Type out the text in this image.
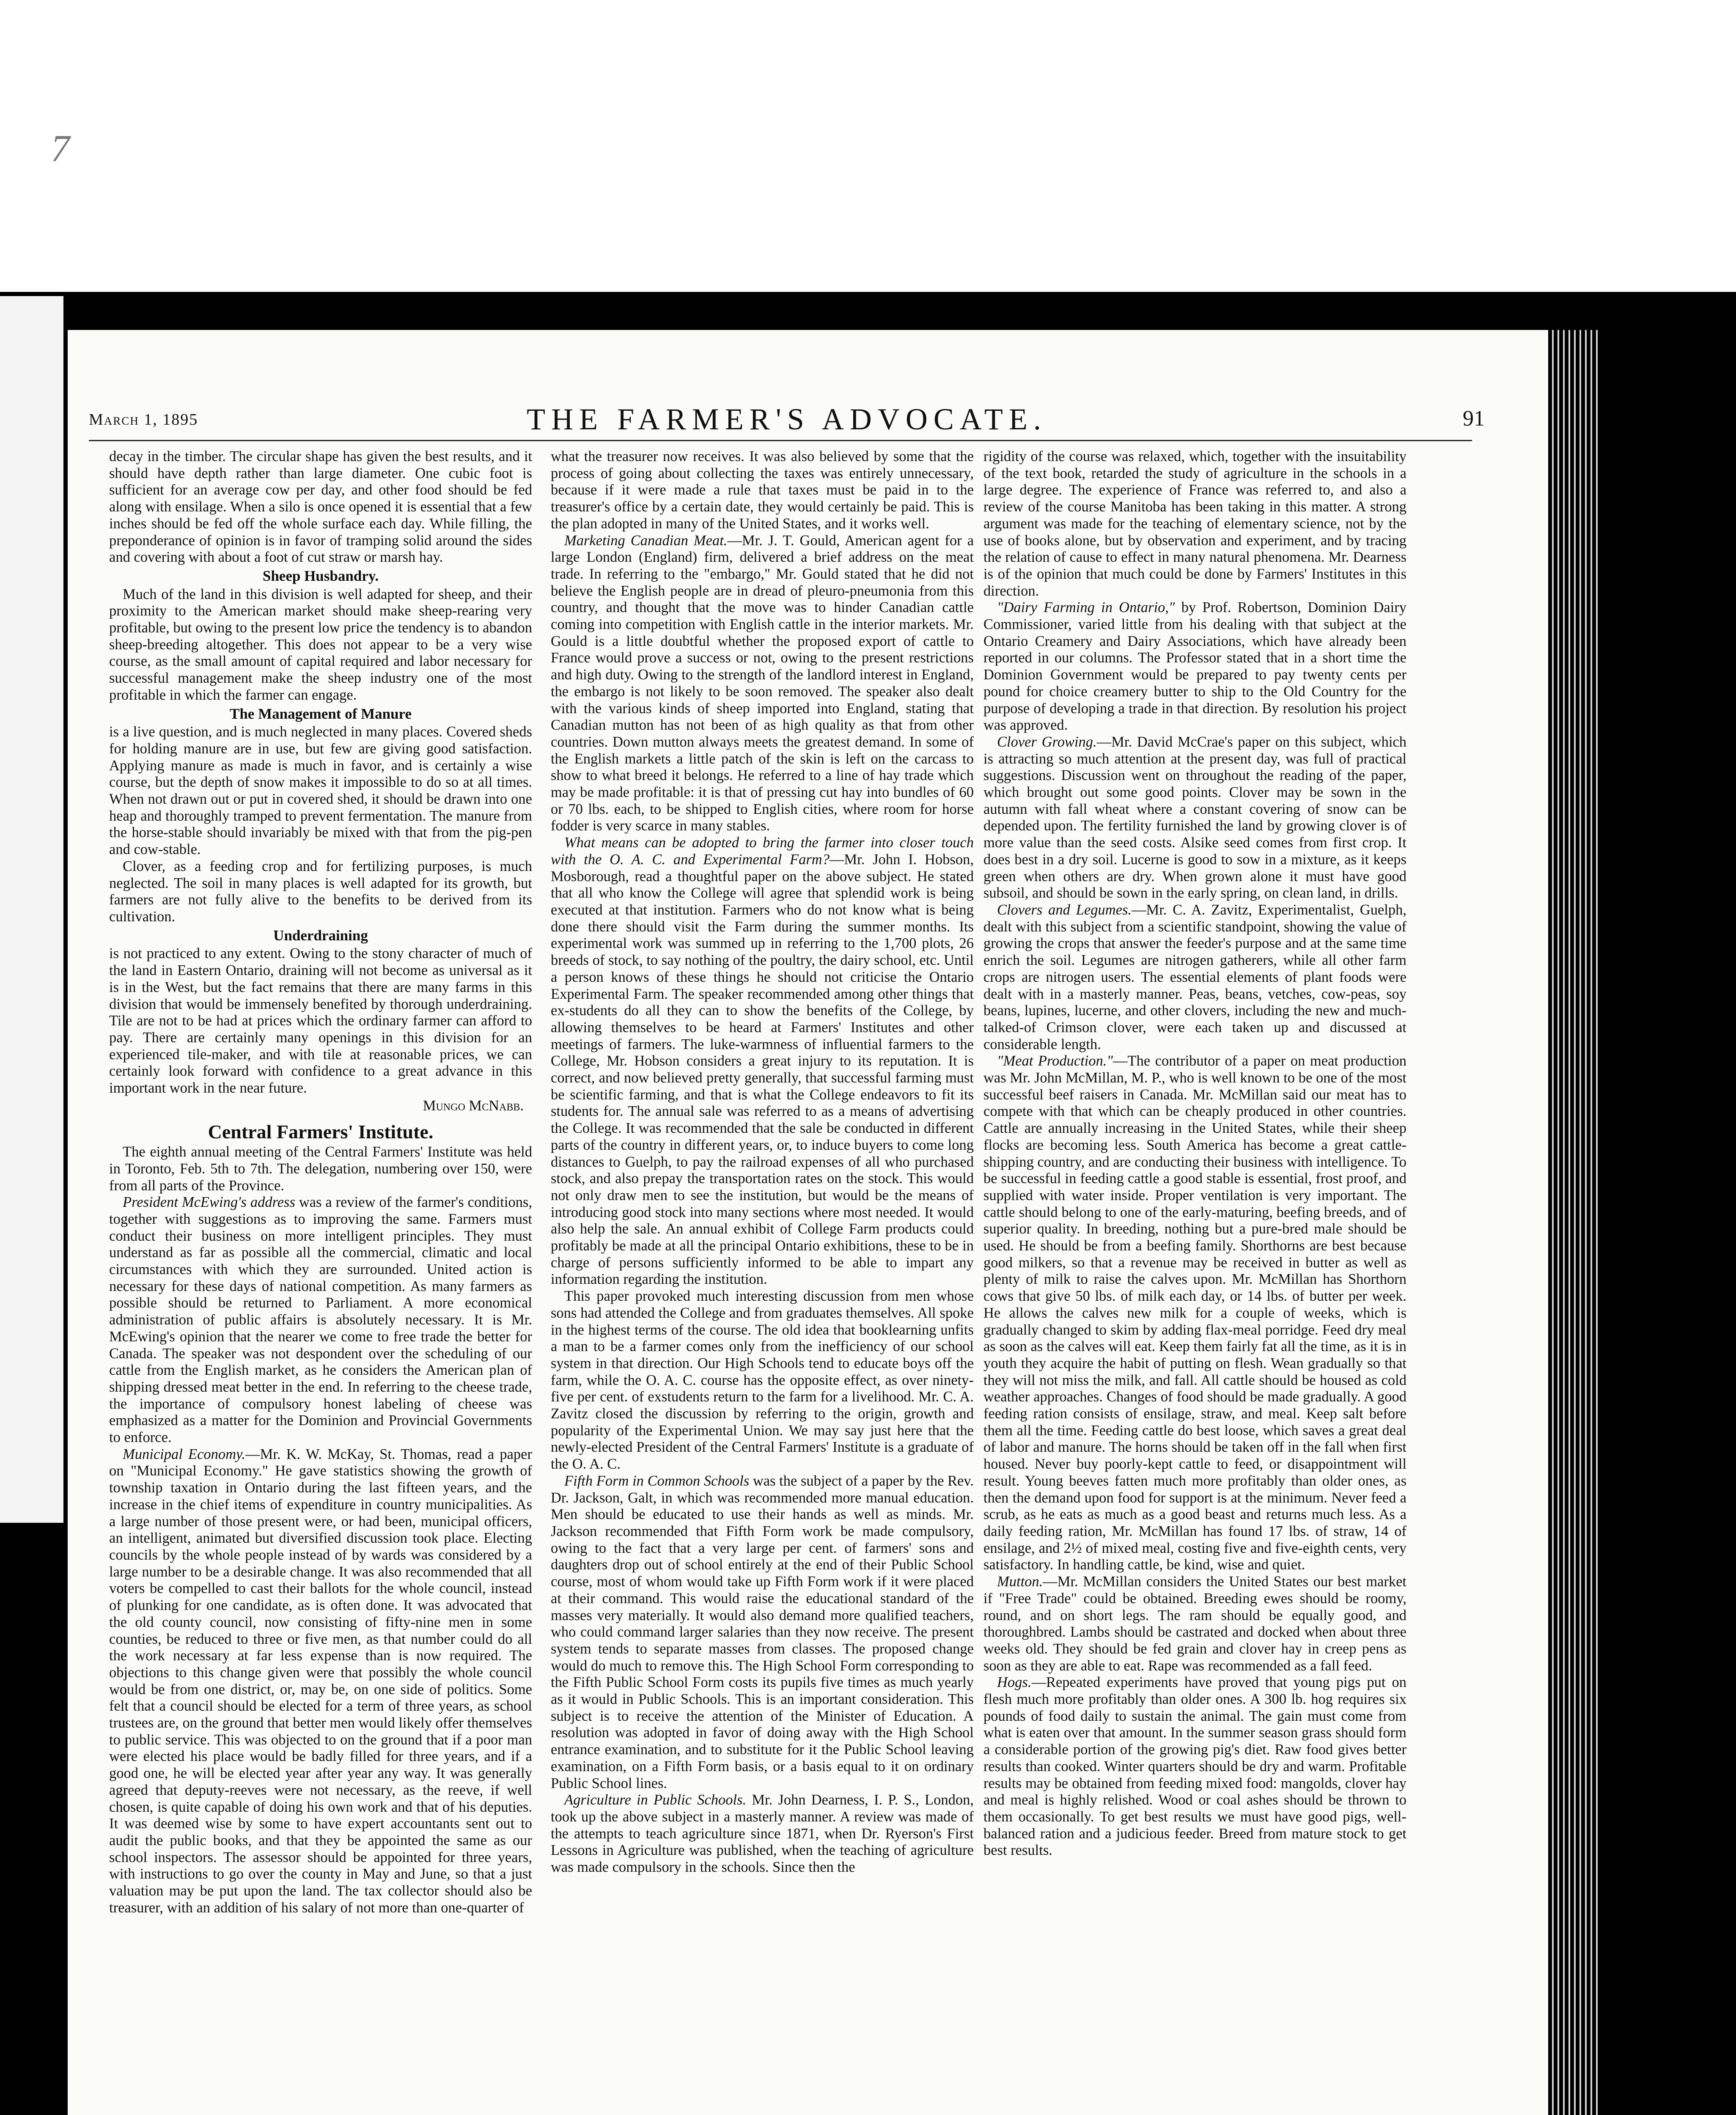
7
March 1, 1895	THE FARMER'S ADVOCATE.	91

decay in the timber. The circular shape has given the best results, and it should have depth rather than large diameter. One cubic foot is sufficient for an average cow per day, and other food should be fed along with ensilage. When a silo is once opened it is essential that a few inches should be fed off the whole surface each day. While filling, the preponderance of opinion is in favor of tramping solid around the sides and covering with about a foot of cut straw or marsh hay.

Sheep Husbandry.

Much of the land in this division is well adapted for sheep, and their proximity to the American market should make sheep-rearing very profitable, but owing to the present low price the tendency is to abandon sheep-breeding altogether. This does not appear to be a very wise course, as the small amount of capital required and labor necessary for successful management make the sheep industry one of the most profitable in which the farmer can engage.

The Management of Manure

is a live question, and is much neglected in many places. Covered sheds for holding manure are in use, but few are giving good satisfaction. Applying manure as made is much in favor, and is certainly a wise course, but the depth of snow makes it impossible to do so at all times. When not drawn out or put in covered shed, it should be drawn into one heap and thoroughly tramped to prevent fermentation. The manure from the horse-stable should invariably be mixed with that from the pig-pen and cow-stable.

Clover, as a feeding crop and for fertilizing purposes, is much neglected. The soil in many places is well adapted for its growth, but farmers are not fully alive to the benefits to be derived from its cultivation.

Underdraining

is not practiced to any extent. Owing to the stony character of much of the land in Eastern Ontario, draining will not become as universal as it is in the West, but the fact remains that there are many farms in this division that would be immensely benefited by thorough underdraining. Tile are not to be had at prices which the ordinary farmer can afford to pay. There are certainly many openings in this division for an experienced tile-maker, and with tile at reasonable prices, we can certainly look forward with confidence to a great advance in this important work in the near future.

Mungo McNabb.
Central Farmers' Institute.

The eighth annual meeting of the Central Farmers' Institute was held in Toronto, Feb. 5th to 7th. The delegation, numbering over 150, were from all parts of the Province.

President McEwing's address was a review of the farmer's conditions, together with suggestions as to improving the same. Farmers must conduct their business on more intelligent principles. They must understand as far as possible all the commercial, climatic and local circumstances with which they are surrounded. United action is necessary for these days of national competition. As many farmers as possible should be returned to Parliament. A more economical administration of public affairs is absolutely necessary. It is Mr. McEwing's opinion that the nearer we come to free trade the better for Canada. The speaker was not despondent over the scheduling of our cattle from the English market, as he considers the American plan of shipping dressed meat better in the end. In referring to the cheese trade, the importance of compulsory honest labeling of cheese was emphasized as a matter for the Dominion and Provincial Governments to enforce.

Municipal Economy.—Mr. K. W. McKay, St. Thomas, read a paper on "Municipal Economy." He gave statistics showing the growth of township taxation in Ontario during the last fifteen years, and the increase in the chief items of expenditure in country municipalities. As a large number of those present were, or had been, municipal officers, an intelligent, animated but diversified discussion took place. Electing councils by the whole people instead of by wards was considered by a large number to be a desirable change. It was also recommended that all voters be compelled to cast their ballots for the whole council, instead of plunking for one candidate, as is often done. It was advocated that the old county council, now consisting of fifty-nine men in some counties, be reduced to three or five men, as that number could do all the work necessary at far less expense than is now required. The objections to this change given were that possibly the whole council would be from one district, or, may be, on one side of politics. Some felt that a council should be elected for a term of three years, as school trustees are, on the ground that better men would likely offer themselves to public service. This was objected to on the ground that if a poor man were elected his place would be badly filled for three years, and if a good one, he will be elected year after year any way. It was generally agreed that deputy-reeves were not necessary, as the reeve, if well chosen, is quite capable of doing his own work and that of his deputies. It was deemed wise by some to have expert accountants sent out to audit the public books, and that they be appointed the same as our school inspectors. The assessor should be appointed for three years, with instructions to go over the county in May and June, so that a just valuation may be put upon the land. The tax collector should also be treasurer, with an addition of his salary of not more than one-quarter of

what the treasurer now receives. It was also believed by some that the process of going about collecting the taxes was entirely unnecessary, because if it were made a rule that taxes must be paid in to the treasurer's office by a certain date, they would certainly be paid. This is the plan adopted in many of the United States, and it works well.

Marketing Canadian Meat.—Mr. J. T. Gould, American agent for a large London (England) firm, delivered a brief address on the meat trade. In referring to the "embargo," Mr. Gould stated that he did not believe the English people are in dread of pleuro-pneumonia from this country, and thought that the move was to hinder Canadian cattle coming into competition with English cattle in the interior markets. Mr. Gould is a little doubtful whether the proposed export of cattle to France would prove a success or not, owing to the present restrictions and high duty. Owing to the strength of the landlord interest in England, the embargo is not likely to be soon removed. The speaker also dealt with the various kinds of sheep imported into England, stating that Canadian mutton has not been of as high quality as that from other countries. Down mutton always meets the greatest demand. In some of the English markets a little patch of the skin is left on the carcass to show to what breed it belongs. He referred to a line of hay trade which may be made profitable: it is that of pressing cut hay into bundles of 60 or 70 lbs. each, to be shipped to English cities, where room for horse fodder is very scarce in many stables.

What means can be adopted to bring the farmer into closer touch with the O. A. C. and Experimental Farm?—Mr. John I. Hobson, Mosborough, read a thoughtful paper on the above subject. He stated that all who know the College will agree that splendid work is being executed at that institution. Farmers who do not know what is being done there should visit the Farm during the summer months. Its experimental work was summed up in referring to the 1,700 plots, 26 breeds of stock, to say nothing of the poultry, the dairy school, etc. Until a person knows of these things he should not criticise the Ontario Experimental Farm. The speaker recommended among other things that ex-students do all they can to show the benefits of the College, by allowing themselves to be heard at Farmers' Institutes and other meetings of farmers. The luke-warmness of influential farmers to the College, Mr. Hobson considers a great injury to its reputation. It is correct, and now believed pretty generally, that successful farming must be scientific farming, and that is what the College endeavors to fit its students for. The annual sale was referred to as a means of advertising the College. It was recommended that the sale be conducted in different parts of the country in different years, or, to induce buyers to come long distances to Guelph, to pay the railroad expenses of all who purchased stock, and also prepay the transportation rates on the stock. This would not only draw men to see the institution, but would be the means of introducing good stock into many sections where most needed. It would also help the sale. An annual exhibit of College Farm products could profitably be made at all the principal Ontario exhibitions, these to be in charge of persons sufficiently informed to be able to impart any information regarding the institution.

This paper provoked much interesting discussion from men whose sons had attended the College and from graduates themselves. All spoke in the highest terms of the course. The old idea that booklearning unfits a man to be a farmer comes only from the inefficiency of our school system in that direction. Our High Schools tend to educate boys off the farm, while the O. A. C. course has the opposite effect, as over ninety-five per cent. of exstudents return to the farm for a livelihood. Mr. C. A. Zavitz closed the discussion by referring to the origin, growth and popularity of the Experimental Union. We may say just here that the newly-elected President of the Central Farmers' Institute is a graduate of the O. A. C.

Fifth Form in Common Schools was the subject of a paper by the Rev. Dr. Jackson, Galt, in which was recommended more manual education. Men should be educated to use their hands as well as minds. Mr. Jackson recommended that Fifth Form work be made compulsory, owing to the fact that a very large per cent. of farmers' sons and daughters drop out of school entirely at the end of their Public School course, most of whom would take up Fifth Form work if it were placed at their command. This would raise the educational standard of the masses very materially. It would also demand more qualified teachers, who could command larger salaries than they now receive. The present system tends to separate masses from classes. The proposed change would do much to remove this. The High School Form corresponding to the Fifth Public School Form costs its pupils five times as much yearly as it would in Public Schools. This is an important consideration. This subject is to receive the attention of the Minister of Education. A resolution was adopted in favor of doing away with the High School entrance examination, and to substitute for it the Public School leaving examination, on a Fifth Form basis, or a basis equal to it on ordinary Public School lines.

Agriculture in Public Schools. Mr. John Dearness, I. P. S., London, took up the above subject in a masterly manner. A review was made of the attempts to teach agriculture since 1871, when Dr. Ryerson's First Lessons in Agriculture was published, when the teaching of agriculture was made compulsory in the schools. Since then the

rigidity of the course was relaxed, which, together with the insuitability of the text book, retarded the study of agriculture in the schools in a large degree. The experience of France was referred to, and also a review of the course Manitoba has been taking in this matter. A strong argument was made for the teaching of elementary science, not by the use of books alone, but by observation and experiment, and by tracing the relation of cause to effect in many natural phenomena. Mr. Dearness is of the opinion that much could be done by Farmers' Institutes in this direction.

"Dairy Farming in Ontario," by Prof. Robertson, Dominion Dairy Commissioner, varied little from his dealing with that subject at the Ontario Creamery and Dairy Associations, which have already been reported in our columns. The Professor stated that in a short time the Dominion Government would be prepared to pay twenty cents per pound for choice creamery butter to ship to the Old Country for the purpose of developing a trade in that direction. By resolution his project was approved.

Clover Growing.—Mr. David McCrae's paper on this subject, which is attracting so much attention at the present day, was full of practical suggestions. Discussion went on throughout the reading of the paper, which brought out some good points. Clover may be sown in the autumn with fall wheat where a constant covering of snow can be depended upon. The fertility furnished the land by growing clover is of more value than the seed costs. Alsike seed comes from first crop. It does best in a dry soil. Lucerne is good to sow in a mixture, as it keeps green when others are dry. When grown alone it must have good subsoil, and should be sown in the early spring, on clean land, in drills.

Clovers and Legumes.—Mr. C. A. Zavitz, Experimentalist, Guelph, dealt with this subject from a scientific standpoint, showing the value of growing the crops that answer the feeder's purpose and at the same time enrich the soil. Legumes are nitrogen gatherers, while all other farm crops are nitrogen users. The essential elements of plant foods were dealt with in a masterly manner. Peas, beans, vetches, cow-peas, soy beans, lupines, lucerne, and other clovers, including the new and much-talked-of Crimson clover, were each taken up and discussed at considerable length.

"Meat Production."—The contributor of a paper on meat production was Mr. John McMillan, M. P., who is well known to be one of the most successful beef raisers in Canada. Mr. McMillan said our meat has to compete with that which can be cheaply produced in other countries. Cattle are annually increasing in the United States, while their sheep flocks are becoming less. South America has become a great cattle-shipping country, and are conducting their business with intelligence. To be successful in feeding cattle a good stable is essential, frost proof, and supplied with water inside. Proper ventilation is very important. The cattle should belong to one of the early-maturing, beefing breeds, and of superior quality. In breeding, nothing but a pure-bred male should be used. He should be from a beefing family. Shorthorns are best because good milkers, so that a revenue may be received in butter as well as plenty of milk to raise the calves upon. Mr. McMillan has Shorthorn cows that give 50 lbs. of milk each day, or 14 lbs. of butter per week. He allows the calves new milk for a couple of weeks, which is gradually changed to skim by adding flax-meal porridge. Feed dry meal as soon as the calves will eat. Keep them fairly fat all the time, as it is in youth they acquire the habit of putting on flesh. Wean gradually so that they will not miss the milk, and fall. All cattle should be housed as cold weather approaches. Changes of food should be made gradually. A good feeding ration consists of ensilage, straw, and meal. Keep salt before them all the time. Feeding cattle do best loose, which saves a great deal of labor and manure. The horns should be taken off in the fall when first housed. Never buy poorly-kept cattle to feed, or disappointment will result. Young beeves fatten much more profitably than older ones, as then the demand upon food for support is at the minimum. Never feed a scrub, as he eats as much as a good beast and returns much less. As a daily feeding ration, Mr. McMillan has found 17 lbs. of straw, 14 of ensilage, and 2½ of mixed meal, costing five and five-eighth cents, very satisfactory. In handling cattle, be kind, wise and quiet.

Mutton.—Mr. McMillan considers the United States our best market if "Free Trade" could be obtained. Breeding ewes should be roomy, round, and on short legs. The ram should be equally good, and thoroughbred. Lambs should be castrated and docked when about three weeks old. They should be fed grain and clover hay in creep pens as soon as they are able to eat. Rape was recommended as a fall feed.

Hogs.—Repeated experiments have proved that young pigs put on flesh much more profitably than older ones. A 300 lb. hog requires six pounds of food daily to sustain the animal. The gain must come from what is eaten over that amount. In the summer season grass should form a considerable portion of the growing pig's diet. Raw food gives better results than cooked. Winter quarters should be dry and warm. Profitable results may be obtained from feeding mixed food: mangolds, clover hay and meal is highly relished. Wood or coal ashes should be thrown to them occasionally. To get best results we must have good pigs, well-balanced ration and a judicious feeder. Breed from mature stock to get best results.
